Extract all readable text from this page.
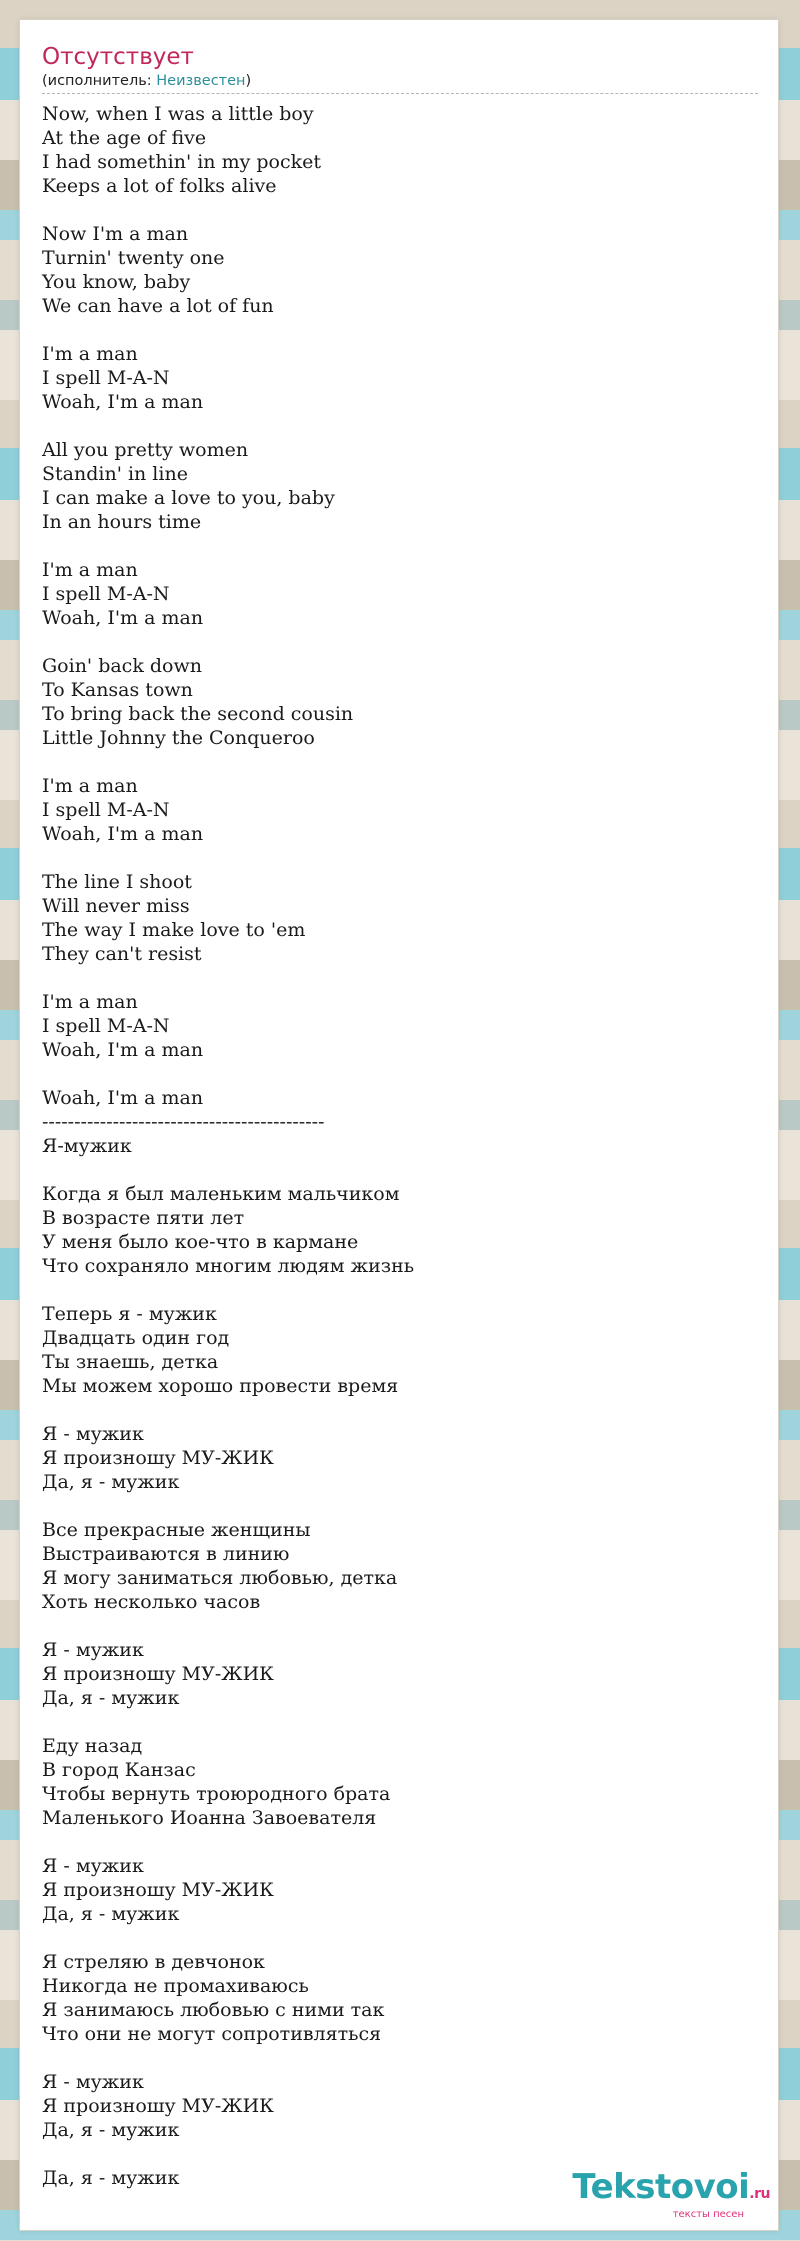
Отсутствует
(исполнитель: Неизвестен)
Now, when I was a little boy
At the age of five
I had somethin' in my pocket
Keeps a lot of folks alive

Now I'm a man
Turnin' twenty one
You know, baby
We can have a lot of fun

I'm a man
I spell M-A-N
Woah, I'm a man

All you pretty women
Standin' in line
I can make a love to you, baby
In an hours time

I'm a man
I spell M-A-N
Woah, I'm a man

Goin' back down
To Kansas town
To bring back the second cousin
Little Johnny the Conqueroo

I'm a man
I spell M-A-N
Woah, I'm a man

The line I shoot
Will never miss
The way I make love to 'em
They can't resist

I'm a man
I spell M-A-N
Woah, I'm a man

Woah, I'm a man
--------------------------------------------
Я-мужик

Когда я был маленьким мальчиком
В возрасте пяти лет
У меня было кое-что в кармане
Что сохраняло многим людям жизнь

Теперь я - мужик
Двадцать один год
Ты знаешь, детка
Мы можем хорошо провести время

Я - мужик
Я произношу МУ-ЖИК
Да, я - мужик

Все прекрасные женщины
Выстраиваются в линию
Я могу заниматься любовью, детка
Хоть несколько часов

Я - мужик
Я произношу МУ-ЖИК
Да, я - мужик

Еду назад
В город Канзас
Чтобы вернуть троюродного брата
Маленького Иоанна Завоевателя

Я - мужик
Я произношу МУ-ЖИК
Да, я - мужик

Я стреляю в девчонок
Никогда не промахиваюсь
Я занимаюсь любовью с ними так
Что они не могут сопротивляться

Я - мужик
Я произношу МУ-ЖИК
Да, я - мужик

Да, я - мужик	Tekstovoi.ru
тексты песен
